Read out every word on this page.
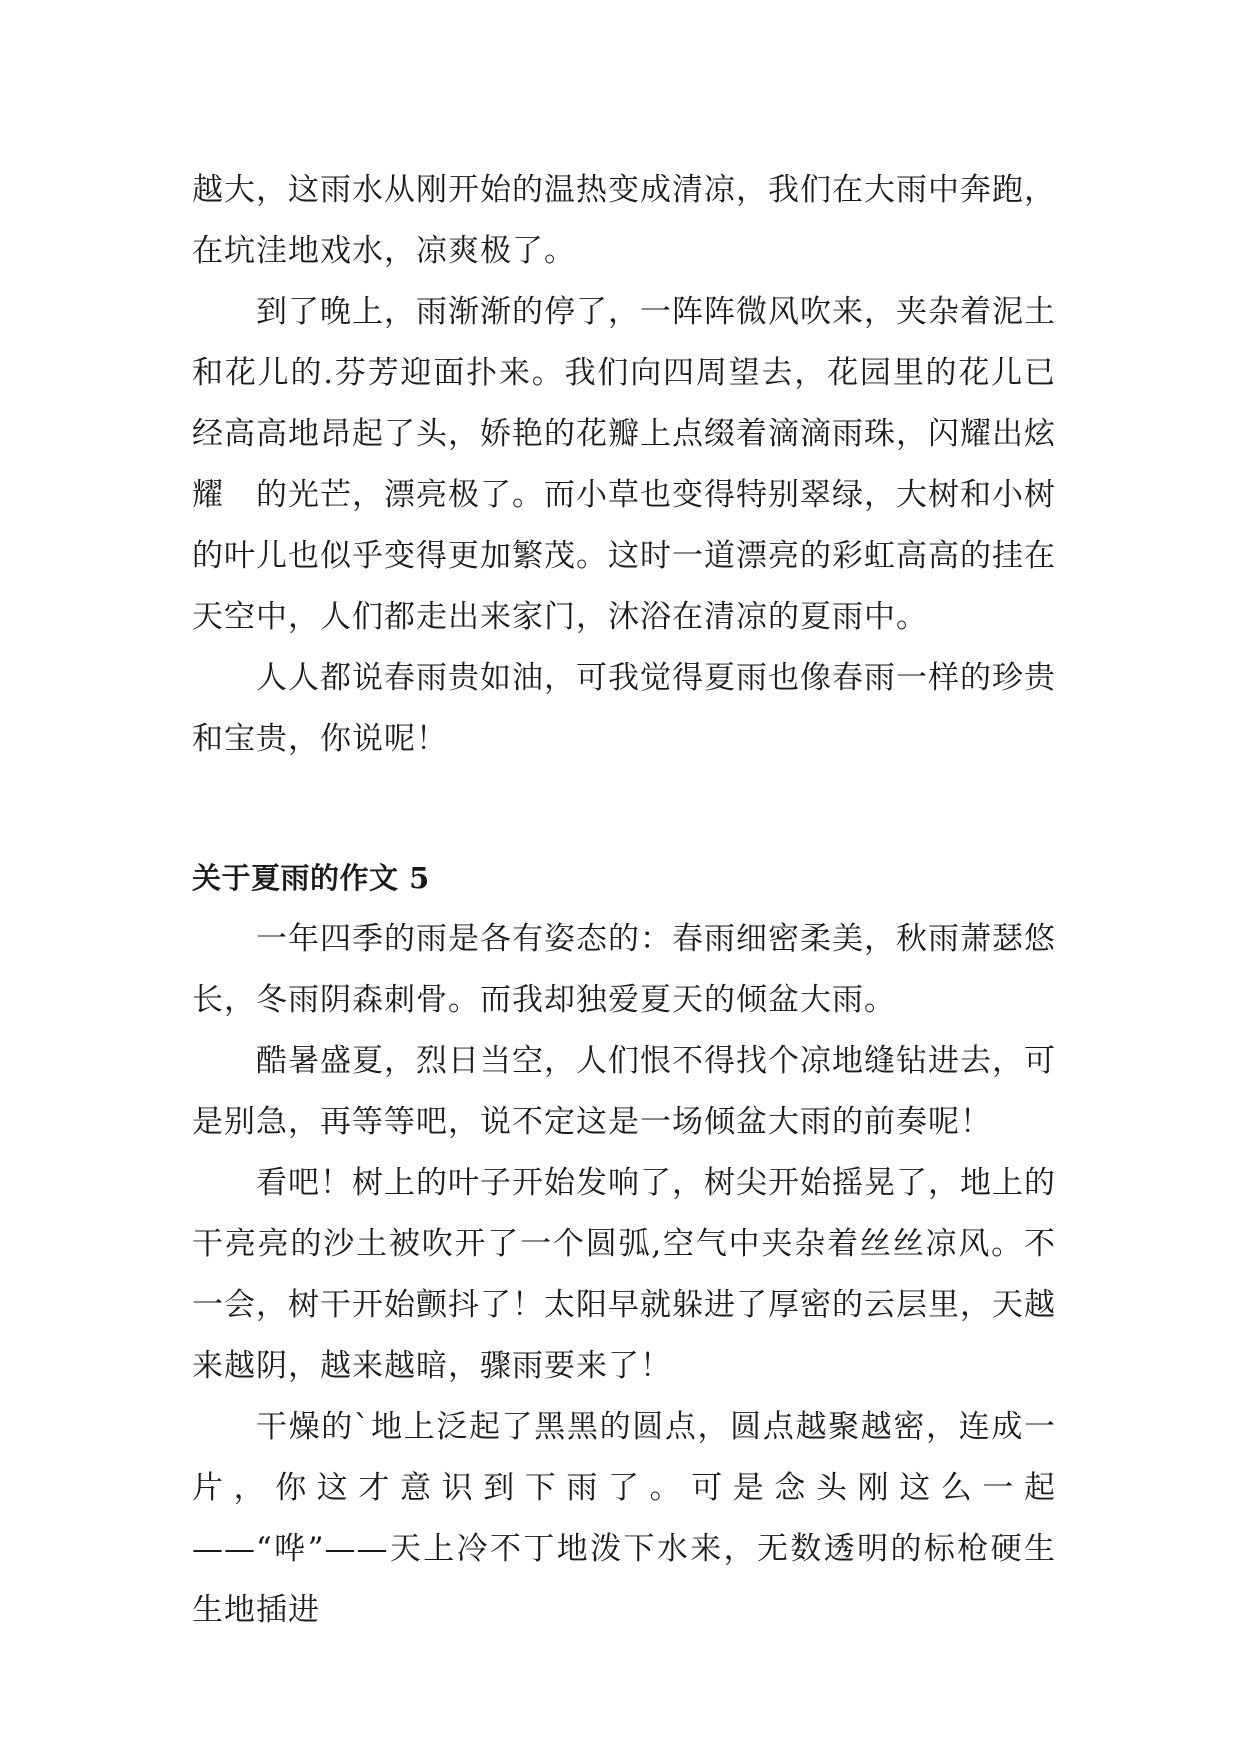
越大，这雨水从刚开始的温热变成清凉，我们在大雨中奔跑，在坑洼地戏水，凉爽极了。

到了晚上，雨渐渐的停了，一阵阵微风吹来，夹杂着泥土和花儿的.芬芳迎面扑来。我们向四周望去，花园里的花儿已经高高地昂起了头，娇艳的花瓣上点缀着滴滴雨珠，闪耀出炫耀　的光芒，漂亮极了。而小草也变得特别翠绿，大树和小树的叶儿也似乎变得更加繁茂。这时一道漂亮的彩虹高高的挂在天空中，人们都走出来家门，沐浴在清凉的夏雨中。

人人都说春雨贵如油，可我觉得夏雨也像春雨一样的珍贵和宝贵，你说呢！

关于夏雨的作文 5

一年四季的雨是各有姿态的：春雨细密柔美，秋雨萧瑟悠长，冬雨阴森刺骨。而我却独爱夏天的倾盆大雨。

酷暑盛夏，烈日当空，人们恨不得找个凉地缝钻进去，可是别急，再等等吧，说不定这是一场倾盆大雨的前奏呢！

看吧！树上的叶子开始发响了，树尖开始摇晃了，地上的干亮亮的沙土被吹开了一个圆弧,空气中夹杂着丝丝凉风。不一会，树干开始颤抖了！太阳早就躲进了厚密的云层里，天越来越阴，越来越暗，骤雨要来了！

干燥的`地上泛起了黑黑的圆点，圆点越聚越密，连成一片，你这才意识到下雨了。可是念头刚这么一起——“哗”——天上冷不丁地泼下水来，无数透明的标枪硬生生地插进
